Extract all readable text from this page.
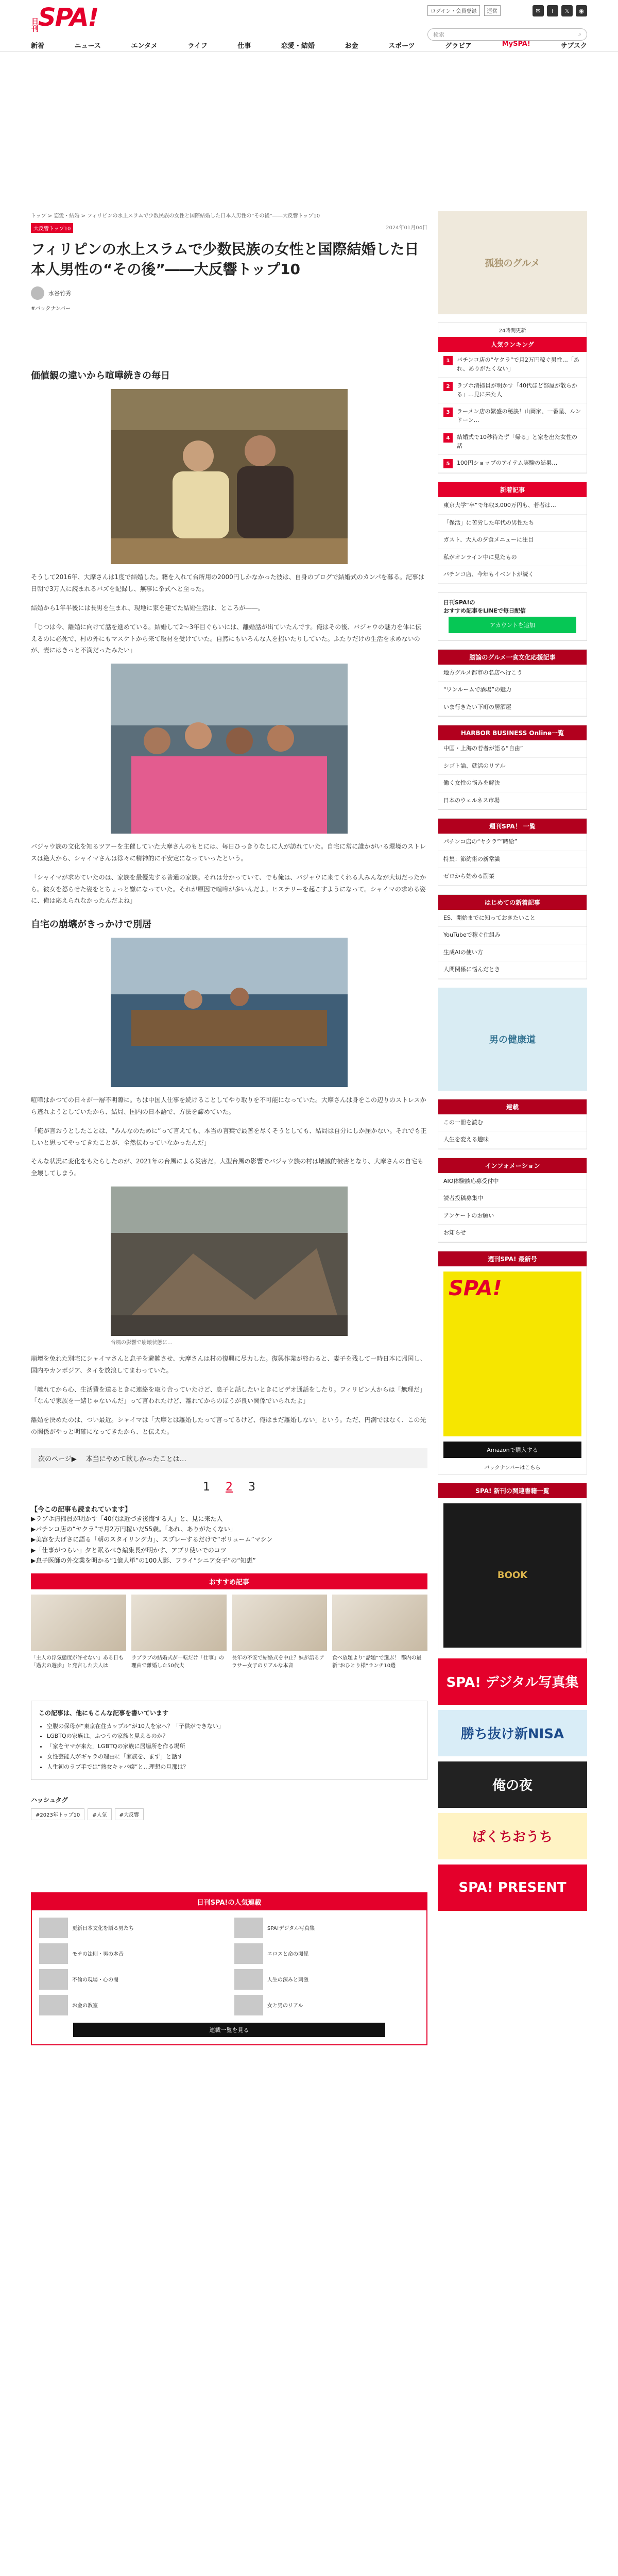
日刊 SPA!	ログイン・会員登録 運営	✉	f	𝕏	◉
検索	⌕
新着	ニュース	エンタメ	ライフ	仕事	恋愛・結婚	お金	スポーツ	グラビア	MySPA!	サブスク
トップ > 恋愛・結婚 > フィリピンの水上スラムで少数民族の女性と国際結婚した日本人男性の“その後”――大反響トップ10
大反響トップ10	2024年01月04日
フィリピンの水上スラムで少数民族の女性と国際結婚した日本人男性の“その後”――大反響トップ10
水谷竹秀
#バックナンバー
価値観の違いから喧嘩続きの毎日

そうして2016年、大摩さんは1度で結婚した。籍を入れて台所用の2000円しかなかった彼は、自身のブログで結婚式のカンパを募る。記事は日朝で3万人に読まれるバズを記録し、無事に挙式へと至った。

結婚から1年半後には長男を生まれ、現地に家を建てた結婚生活は、ところが――。

「じつは今、離婚に向けて話を進めている。結婚して2〜3年目ぐらいには、離婚話が出ていたんです。俺はその後、バジャウの魅力を体に伝えるのに必死で、村の外にもマスケトから来て取材を受けていた。自然にもいろんな人を招いたりしていた。ふたりだけの生活を求めないのが、妻にはきっと不満だったみたい」

バジャウ族の文化を知るツアーを主催していた大摩さんのもとには、毎日ひっきりなしに人が訪れていた。自宅に常に誰かがいる環境のストレスは絶大から、シャイマさんは徐々に精神的に不安定になっていったという。

「シャイマが求めていたのは、家族を最優先する普通の家族。それは分かっていて、でも俺は、バジャウに来てくれる人みんなが大切だったから。彼女を怒らせた姿をとちょっと嫌になっていた。それが原因で喧嘩が多いんだよ。ヒステリーを起こすようになって。シャイマの求める姿に、俺は応えられなかったんだよね」

自宅の崩壊がきっかけで別居

喧嘩はかつての日々が一層不明瞭に。ちは中国人仕事を続けることしてやり取りを不可能になっていた。大摩さんは身をこの辺りのストレスから逃れようとしていたから、結局、国内の日本語で、方法を諦めていた。

「俺が言おうとしたことは、“みんなのために”って言えても、本当の言葉で最善を尽くそうとしても、結局は自分にしか届かない。それでも正しいと思ってやってきたことが、全然伝わっていなかったんだ」

そんな状況に変化をもたらしたのが、2021年の台風による災害だ。大型台風の影響でバジャウ族の村は壊滅的被害となり、大摩さんの自宅も全壊してしまう。

台風の影響で崩壊状態に…

崩壊を免れた別宅にシャイマさんと息子を避難させ、大摩さんは村の復興に尽力した。復興作業が終わると、妻子を残して一時日本に帰国し、国内やカンボジア、タイを放浪してまわっていた。

「離れてから心、生活費を送るときに連絡を取り合っていたけど、息子と話したいときにビデオ通話をしたり。フィリピン人からは「無理だ」「なんで家族を一緒じゃないんだ」って言われたけど、離れてからのほうが良い関係でいられたよ」

離婚を決めたのは、つい最近。シャイマは「大摩とは離婚したって言ってるけど、俺はまだ離婚しない」という。ただ、円満ではなく、この先の関係がやっと明確になってきたから、と伝えた。

次のページ▶ 本当にやめて欲しかったことは…
1 2 3
【今この記事も読まれています】
▶ラブホ清掃員が明かす「40代は近づき後悔する人」と、見に来た人
▶パチンコ店の“ヤクラ”で月2万円稼いだ55歳。「あれ、ありがたくない」
▶美容を大げさに語る「朝のスタイリング力」、スプレーするだけで“ボリューム”マシン
▶「仕事がつらい」夕と眠るべき編集長が明かす、アプリ使いでのコツ
▶息子医師の外交業を明かる“1億人単”の100人影、フライ“シニア女子”の“知恵”
おすすめ記事

「主人の浮気態度が許せない」ある日も「過去の遊歩」と発言した夫人は

ラブラブの結婚式が一転だけ「仕事」の理由で離婚した50代夫

長年の不安で結婚式を中止？妹が語るアラサー女子のリアルな本音

食べ放題より“話題”で選ぶ！ 都内の最新“おひとり様”ランチ10選

この記事は、他にもこんな記事を書いています
• 空腹の保母が“東京在住カップル”が10人を家へ？「子供ができない」
• LGBTQの家族は、ふつうの家族と見えるのか？
• 「家をヤマが来た」LGBTQの家族に居場所を作る場所
• 女性芸能人がギャラの理由に「家族を、まず」と話す
• 人生初のラブ手では“熟女キャバ嬢”と…理想の旦那は？
ハッシュタグ
#2023年トップ10	#人気	#大反響
日刊SPA!の人気連載
更新日本文化を語る男たち	SPA!デジタル写真集
モテの法則・男の本音	エロスと命の関係
不倫の現場・心の闇	人生の深みと刺激
お金の教室	女と男のリアル
連載一覧を見る
孤独のグルメ
24時間更新
人気ランキング
1	パチンコ店の“ヤクラ”で月2万円稼ぐ男性…「あれ、ありがたくない」
2	ラブホ清掃員が明かす「40代ほど部屋が散らかる」…見に来た人
3	ラーメン店の繁盛の秘訣！山岡家、一番星、ルンドーン…
4	結婚式で10秒待たず「帰る」と家を出た女性の話
5	100円ショップのアイテム実験の結果…
新着記事
東京大学“卒”で年収3,000万円も、若者は…
「保活」に苦労した年代の男性たち
ガスト、大人の夕食メニューに注目
私がオンライン中に見たもの
パチンコ店、今年もイベントが続く
日刊SPA!の
おすすめ記事をLINEで毎日配信
アカウントを追加
脳論のグルメ一食文化応援記事
地方グルメ都市の名店へ行こう
“ワンルームで酒場”の魅力
いま行きたい下町の居酒屋
HARBOR BUSINESS Online一覧
中国・上海の若者が語る“自由”
シゴト論、就活のリアル
働く女性の悩みを解決
日本のウェルネス市場
週刊SPA！ 一覧
パチンコ店の“ヤクラ”“時給”
特集：節約術の新常識
ゼロから始める副業
はじめての新着記事
ES、開始までに知っておきたいこと
YouTubeで稼ぐ仕組み
生成AIの使い方
人間関係に悩んだとき
男の健康道
連載
この一冊を読む
人生を変える趣味
インフォメーション
AIO体験談応募受付中
読者投稿募集中
アンケートのお願い
お知らせ
週刊SPA! 最新号
SPA!
Amazonで購入する
バックナンバーはこちら
SPA! 新刊の関連書籍一覧
BOOK
SPA! デジタル写真集
勝ち抜け新NISA
俺の夜
ぱくちおうち
SPA! PRESENT
